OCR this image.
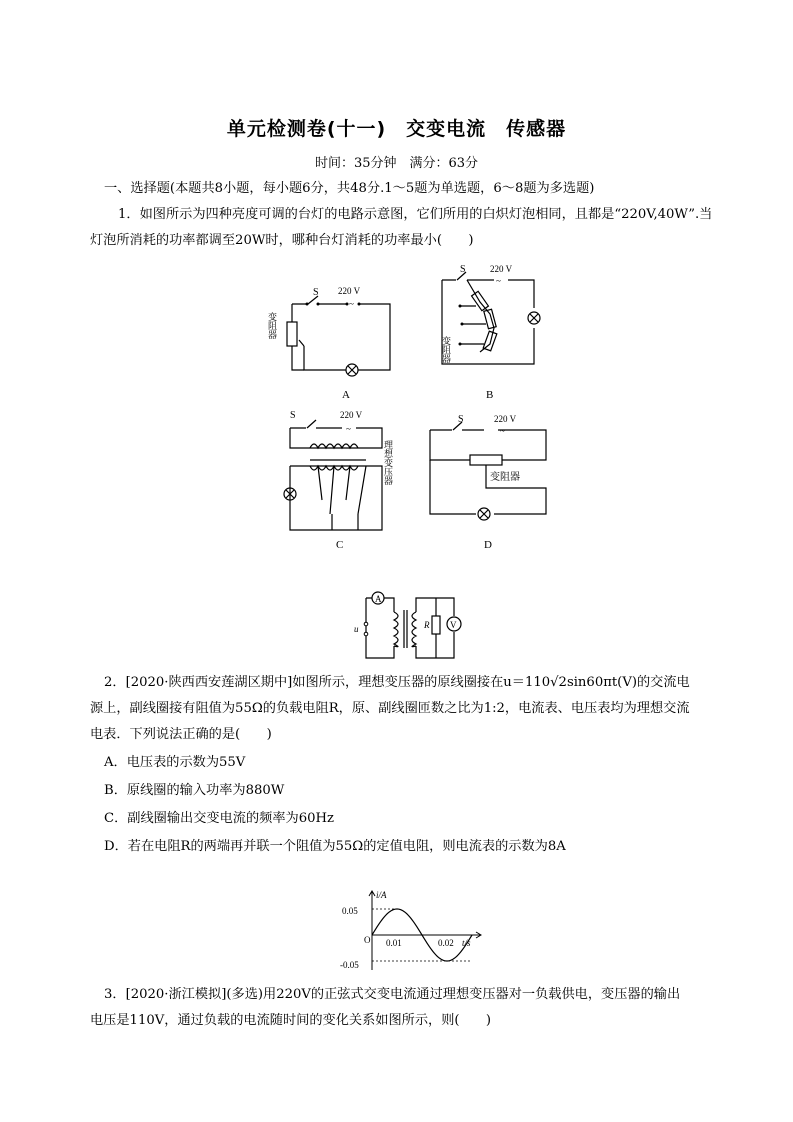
单元检测卷(十一)　交变电流　传感器
时间：35分钟　满分：63分
一、选择题(本题共8小题，每小题6分，共48分.1～5题为单选题，6～8题为多选题)
1．如图所示为四种亮度可调的台灯的电路示意图，它们所用的白炽灯泡相同，且都是“220V,40W”.当
灯泡所消耗的功率都调至20W时，哪种台灯消耗的功率最小(　　)
S 220 V
~
A
变阻器
S	220 V
~
B
变阻器
S	220 V
~
C
理想变压器
S	220 V
~
D
变阻器
A
u	R V
2．[2020·陕西西安莲湖区期中]如图所示，理想变压器的原线圈接在u＝110√2sin60πt(V)的交流电
源上，副线圈接有阻值为55Ω的负载电阻R，原、副线圈匝数之比为1:2，电流表、电压表均为理想交流
电表．下列说法正确的是(　　)
A．电压表的示数为55V
B．原线圈的输入功率为880W
C．副线圈输出交变电流的频率为60Hz
D．若在电阻R的两端再并联一个阻值为55Ω的定值电阻，则电流表的示数为8A
i/A
t/s
O
0.05
-0.05
0.01	0.02
3．[2020·浙江模拟](多选)用220V的正弦式交变电流通过理想变压器对一负载供电，变压器的输出
电压是110V，通过负载的电流随时间的变化关系如图所示，则(　　)
